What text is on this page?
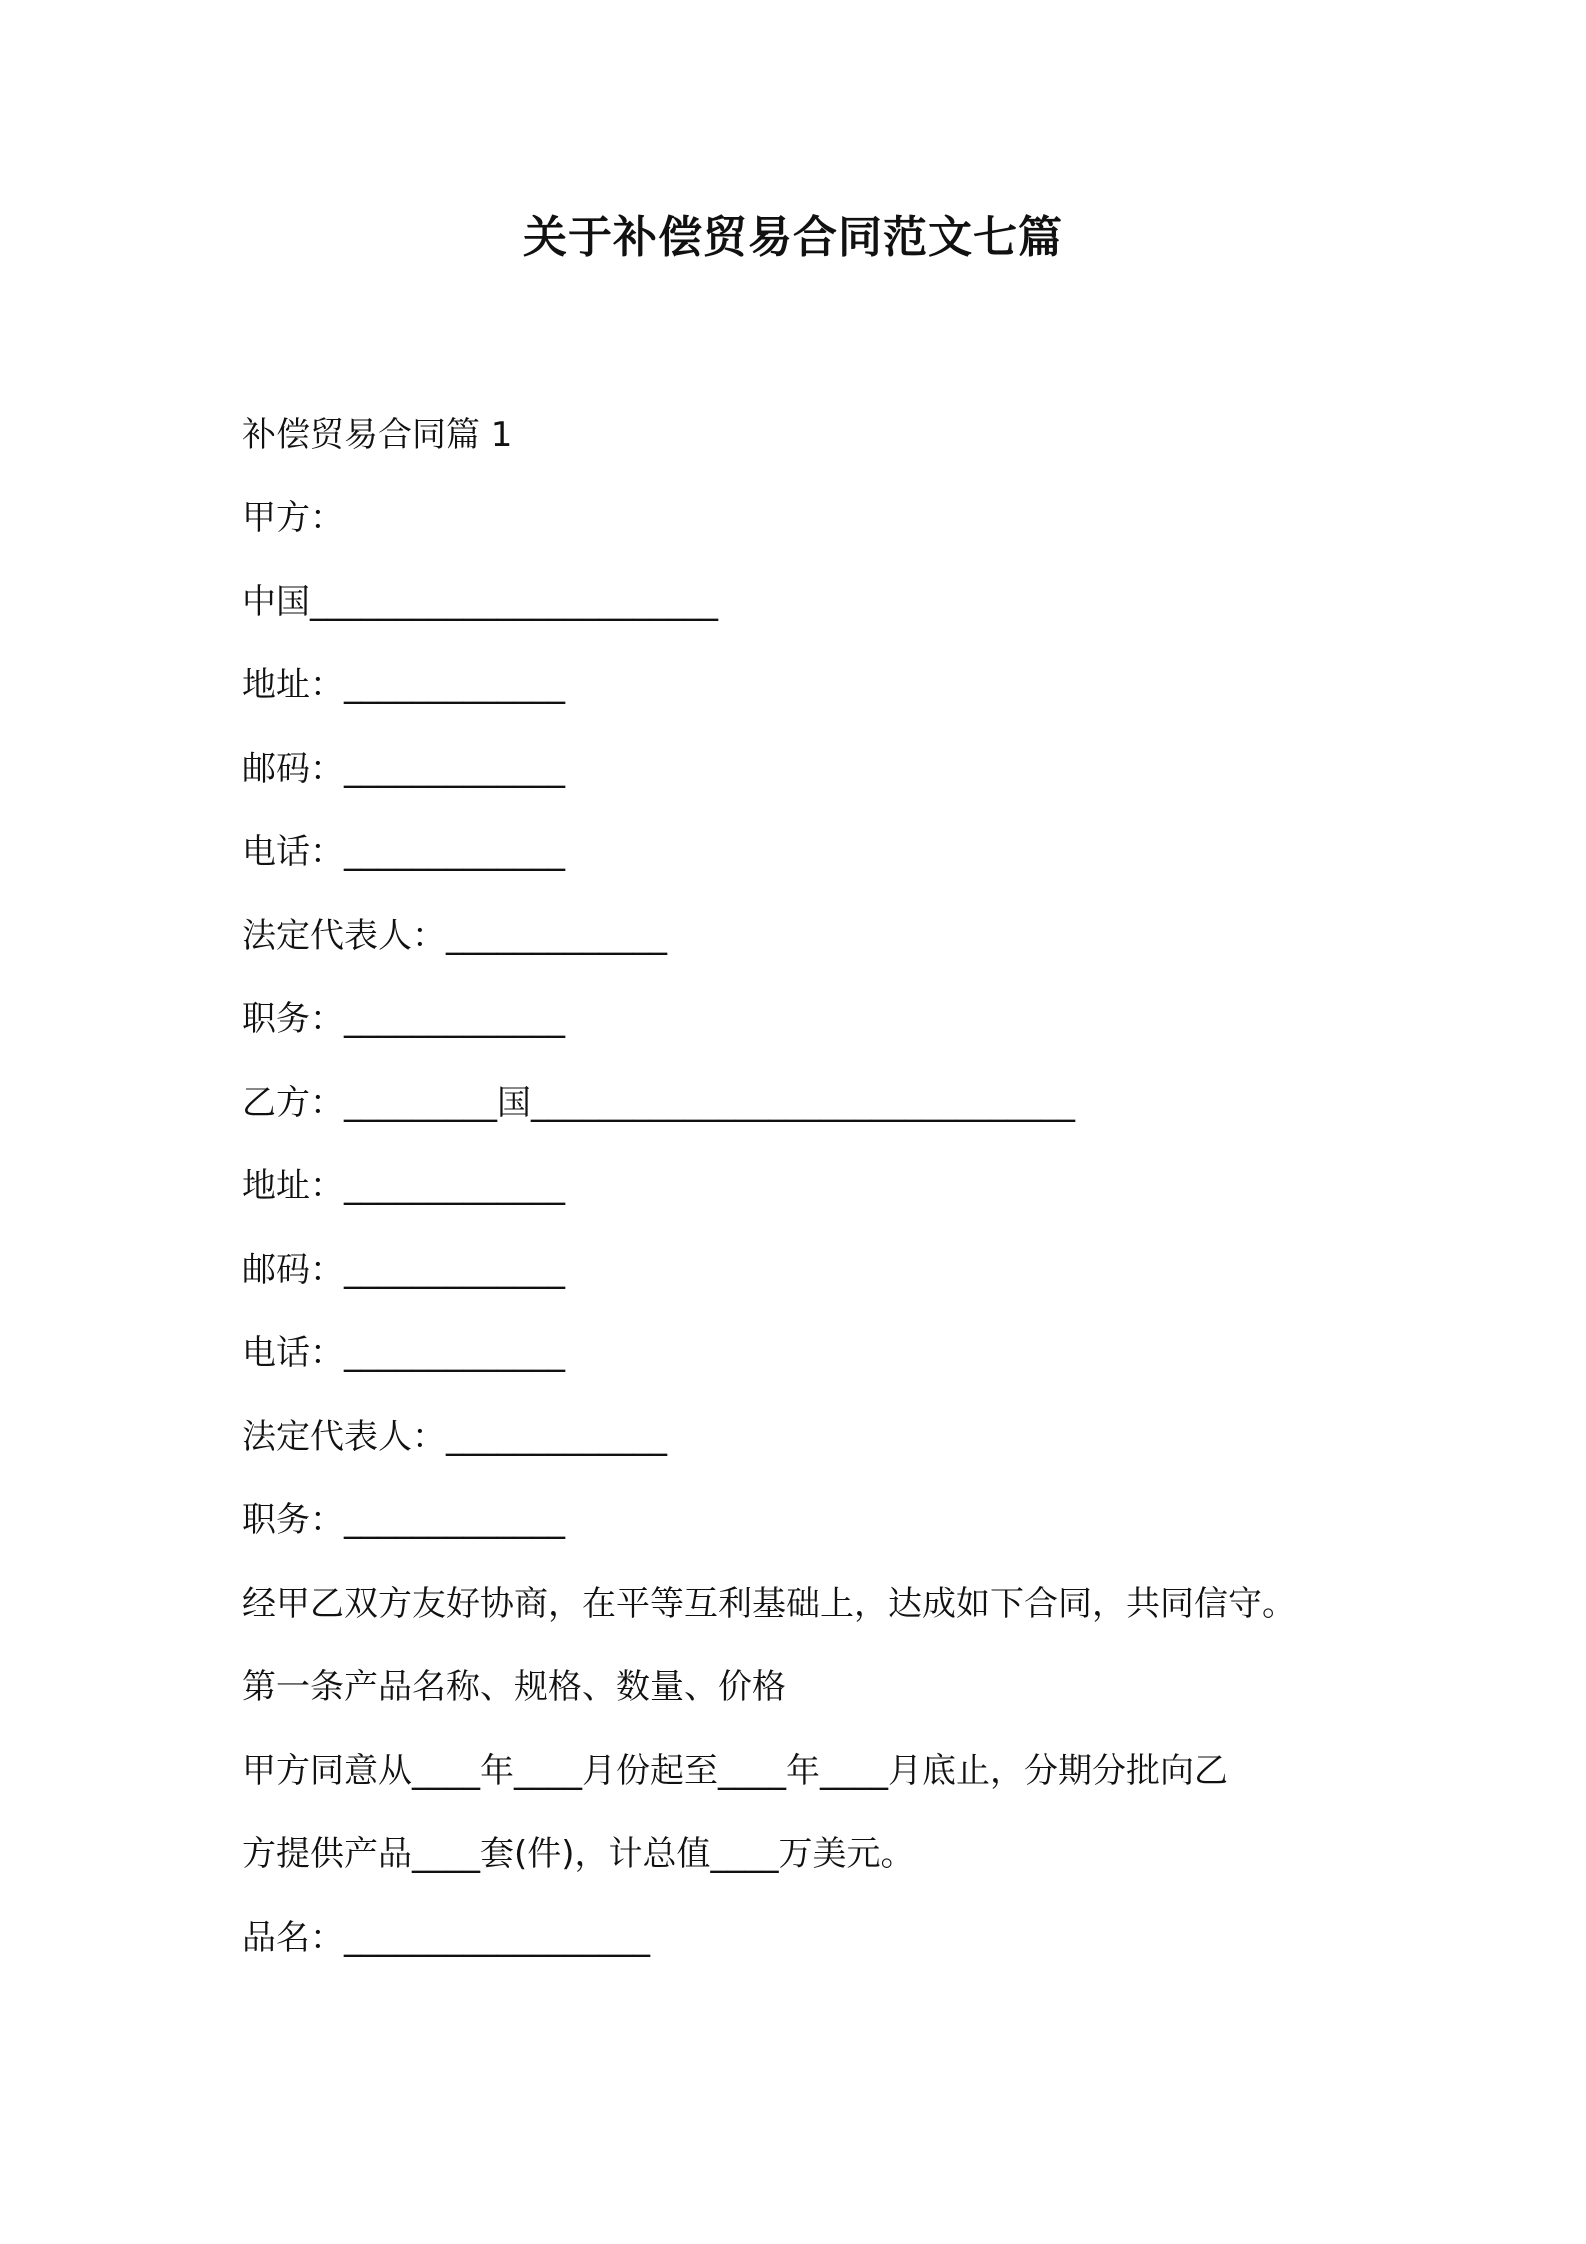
关于补偿贸易合同范文七篇
补偿贸易合同篇 1
甲方：
中国________________________
地址：_____________
邮码：_____________
电话：_____________
法定代表人：_____________
职务：_____________
乙方：_________国________________________________
地址：_____________
邮码：_____________
电话：_____________
法定代表人：_____________
职务：_____________
经甲乙双方友好协商，在平等互利基础上，达成如下合同，共同信守。
第一条产品名称、规格、数量、价格
甲方同意从____年____月份起至____年____月底止，分期分批向乙
方提供产品____套(件)，计总值____万美元。
品名：__________________
